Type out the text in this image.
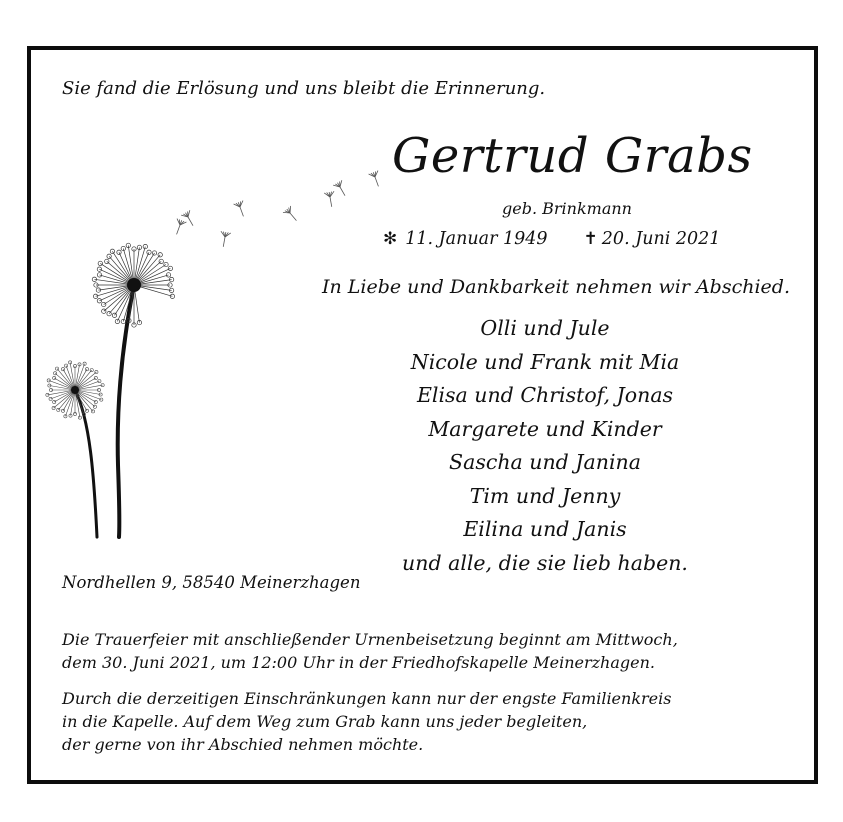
Sie fand die Erlösung und uns bleibt die Erinnerung.
Gertrud Grabs
geb. Brinkmann
✻ 11. Januar 1949 ✝ 20. Juni 2021
In Liebe und Dankbarkeit nehmen wir Abschied.
Olli und Jule
Nicole und Frank mit Mia
Elisa und Christof, Jonas
Margarete und Kinder
Sascha und Janina
Tim und Jenny
Eilina und Janis
und alle, die sie lieb haben.
Nordhellen 9, 58540 Meinerzhagen
Die Trauerfeier mit anschließender Urnenbeisetzung beginnt am Mittwoch,
dem 30. Juni 2021, um 12:00 Uhr in der Friedhofskapelle Meinerzhagen.
Durch die derzeitigen Einschränkungen kann nur der engste Familienkreis
in die Kapelle. Auf dem Weg zum Grab kann uns jeder begleiten,
der gerne von ihr Abschied nehmen möchte.
